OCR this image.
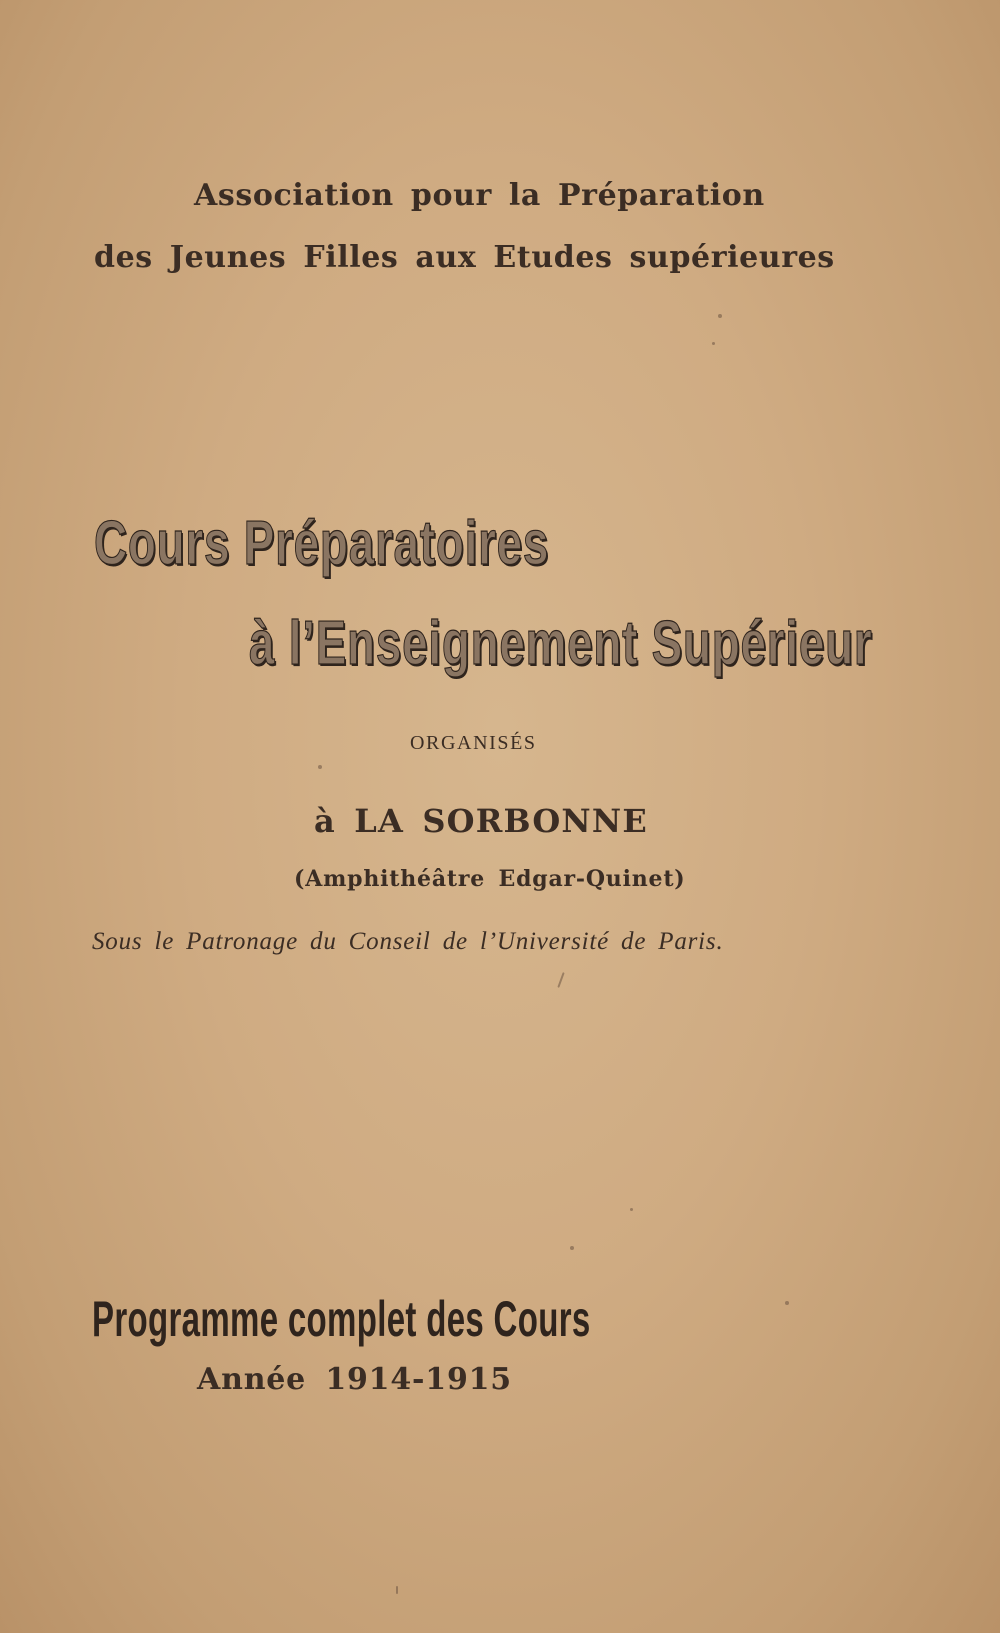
Association pour la Préparation
des Jeunes Filles aux Etudes supérieures
Cours Préparatoires
à l’Enseignement Supérieur
ORGANISÉS
à LA SORBONNE
(Amphithéâtre Edgar-Quinet)
Sous le Patronage du Conseil de l’Université de Paris.
Programme complet des Cours
Année 1914-1915
